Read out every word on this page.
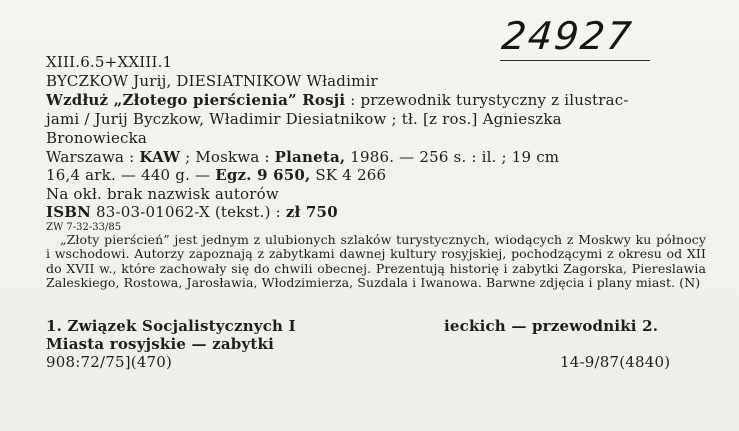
24927
XIII.6.5+XXIII.1
BYCZKOW Jurij, DIESIATNIKOW Władimir
Wzdłuż „Złotego pierścienia” Rosji : przewodnik turystyczny z ilustrac-
jami / Jurij Byczkow, Władimir Diesiatnikow ; tł. [z ros.] Agnieszka
Bronowiecka
Warszawa : KAW ; Moskwa : Planeta, 1986. — 256 s. : il. ; 19 cm
16,4 ark. — 440 g. — Egz. 9 650, SK 4 266
Na okł. brak nazwisk autorów
ISBN 83-03-01062-X (tekst.) : zł 750
ZW 7-32-33/85
„Złoty pierścień” jest jednym z ulubionych szlaków turystycznych, wiodących z Moskwy ku północy i wschodowi. Autorzy zapoznają z zabytkami dawnej kultury rosyjskiej, pochodzącymi z okresu od XII do XVII w., które zachowały się do chwili obecnej. Prezentują historię i zabytki Zagorska, Piereslawia Zaleskiego, Rostowa, Jarosławia, Włodzimierza, Suzdala i Iwanowa. Barwne zdjęcia i plany miast. (N)
1. Związek Socjalistycznych I	ieckich — przewodniki 2.
Miasta rosyjskie — zabytki
908:72/75](470)	14-9/87(4840)
